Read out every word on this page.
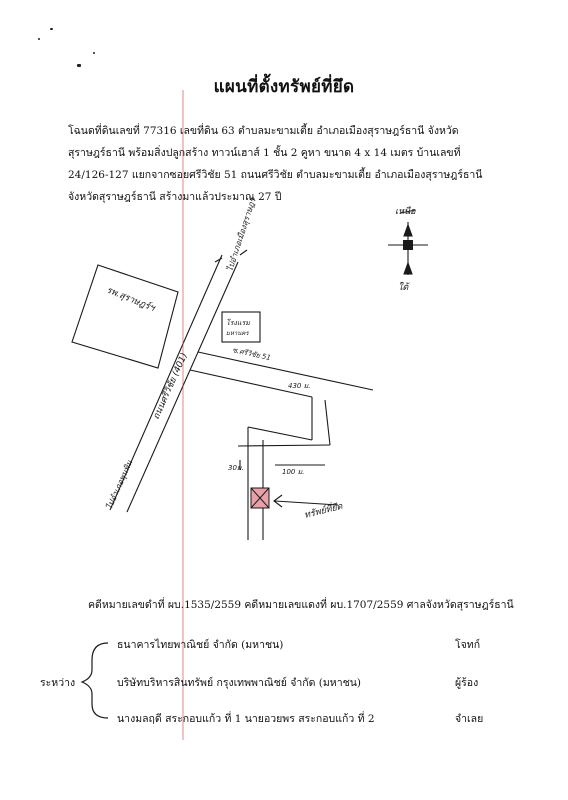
แผนที่ตั้งทรัพย์ที่ยึด
โฉนดที่ดินเลขที่ 77316 เลขที่ดิน 63 ตำบลมะขามเตี้ย อำเภอเมืองสุราษฎร์ธานี จังหวัด
สุราษฎร์ธานี พร้อมสิ่งปลูกสร้าง ทาวน์เฮาส์ 1 ชั้น 2 คูหา ขนาด 4 x 14 เมตร บ้านเลขที่
24/126-127 แยกจากซอยศรีวิชัย 51 ถนนศรีวิชัย ตำบลมะขามเตี้ย อำเภอเมืองสุราษฎร์ธานี
จังหวัดสุราษฎร์ธานี สร้างมาแล้วประมาณ 27 ปี
เหนือ
ใต้
ถนนศรีวิชัย (401)
ไปอำเภอเมืองสุราษฎร์
ไปอำเภอพุนพิน
รพ.สุราษฎร์ฯ
โรงแรม
มหานคร
ซ.ศรีวิชัย 51
430 ม.
100 ม.
30ม.
ทรัพย์ที่ยึด
คดีหมายเลขดำที่ ผบ.1535/2559 คดีหมายเลขแดงที่ ผบ.1707/2559 ศาลจังหวัดสุราษฎร์ธานี
ระหว่าง
ธนาคารไทยพาณิชย์ จำกัด (มหาชน)	โจทก์
บริษัทบริหารสินทรัพย์ กรุงเทพพาณิชย์ จำกัด (มหาชน)	ผู้ร้อง
นางมลฤดี สระกอบแก้ว ที่ 1 นายอวยพร สระกอบแก้ว ที่ 2	จำเลย
